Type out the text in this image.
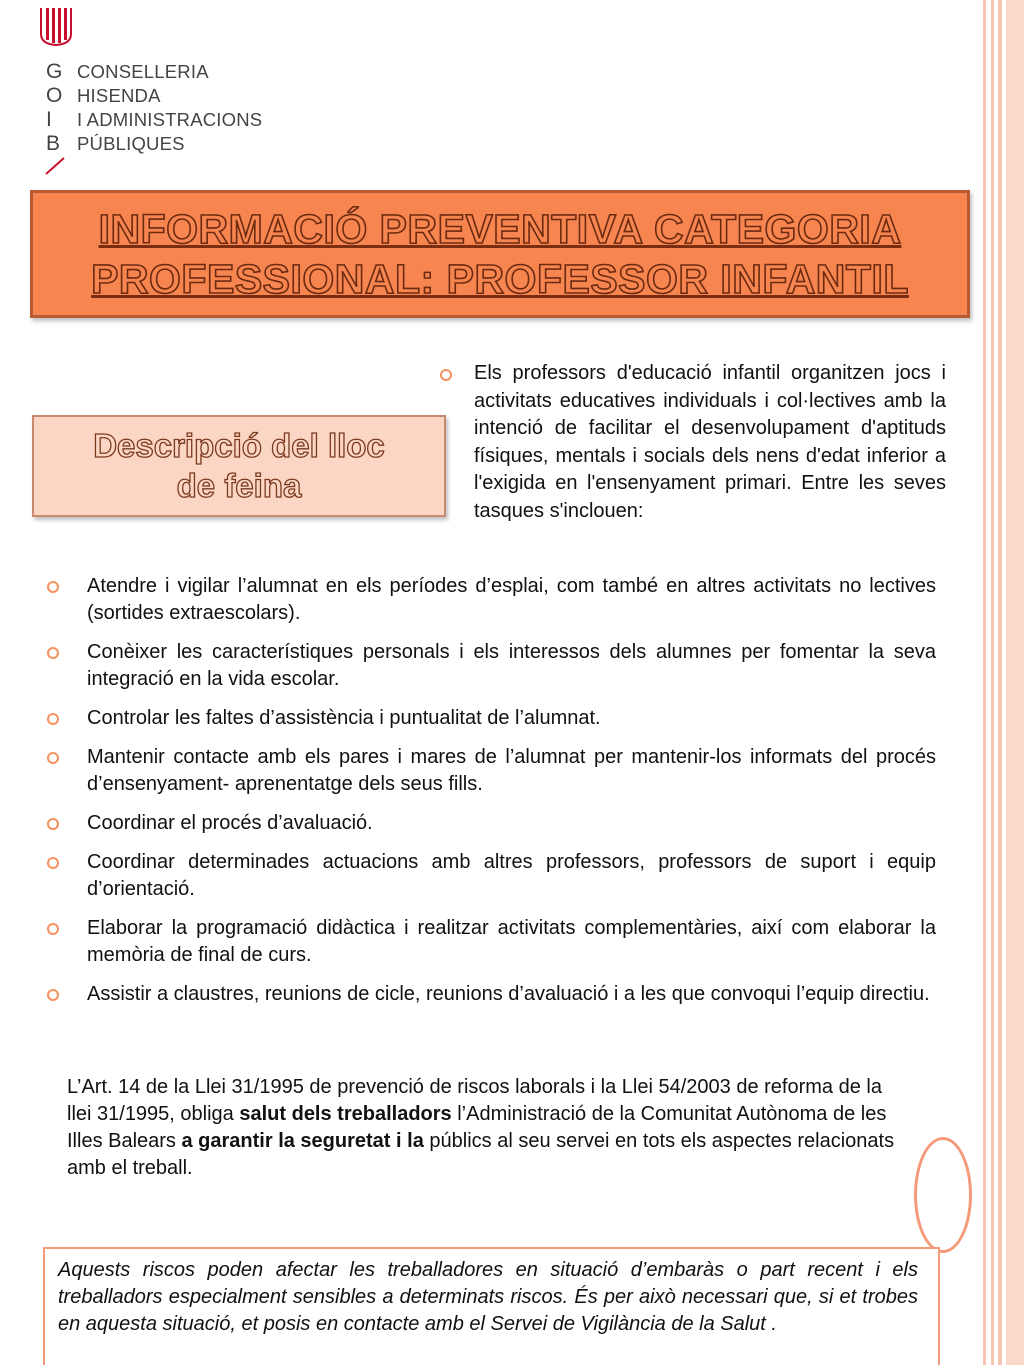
G
O
I
B
CONSELLERIA
HISENDA
I ADMINISTRACIONS
PÚBLIQUES
INFORMACIÓ PREVENTIVA CATEGORIA
PROFESSIONAL: PROFESSOR INFANTIL
Descripció del lloc
de feina
Els professors d'educació infantil organitzen jocs i activitats educatives individuals i col·lectives amb la intenció de facilitar el desenvolupament d'aptituds físiques, mentals i socials dels nens d'edat inferior a l'exigida en l'ensenyament primari. Entre les seves tasques s'inclouen:
Atendre i vigilar l’alumnat en els períodes d’esplai, com també en altres activitats no lectives (sortides extraescolars).
Conèixer les característiques personals i els interessos dels alumnes per fomentar la seva integració en la vida escolar.
Controlar les faltes d’assistència i puntualitat de l’alumnat.
Mantenir contacte amb els pares i mares de l’alumnat per mantenir-los informats del procés d’ensenyament- aprenentatge dels seus fills.
Coordinar el procés d’avaluació.
Coordinar determinades actuacions amb altres professors, professors de suport i equip d’orientació.
Elaborar la programació didàctica i realitzar activitats complementàries, així com elaborar la memòria de final de curs.
Assistir a claustres, reunions de cicle, reunions d’avaluació i a les que convoqui l’equip directiu.
L’Art. 14 de la Llei 31/1995 de prevenció de riscos laborals i la Llei 54/2003 de reforma de la llei 31/1995, obliga salut dels treballadors l’Administració de la Comunitat Autònoma de les Illes Balears a garantir la seguretat i la públics al seu servei en tots els aspectes relacionats amb el treball.
Aquests riscos poden afectar les treballadores en situació d’embaràs o part recent i els treballadors especialment sensibles a determinats riscos. És per això necessari que, si et trobes en aquesta situació, et posis en contacte amb el Servei de Vigilància de la Salut .
